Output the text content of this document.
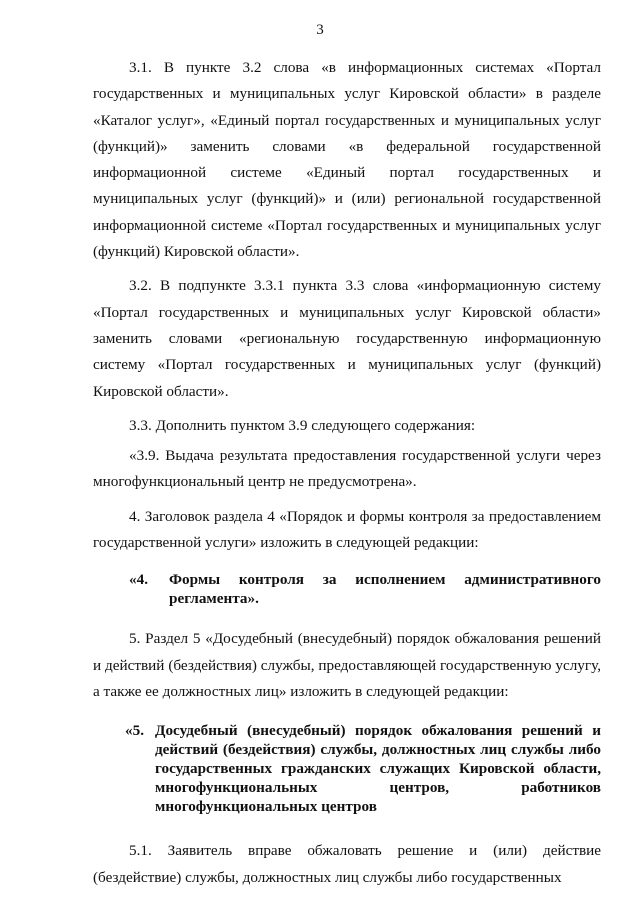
3

3.1. В пункте 3.2 слова «в информационных системах «Портал государственных и муниципальных услуг Кировской области» в разделе «Каталог услуг», «Единый портал государственных и муниципальных услуг (функций)» заменить словами «в федеральной государственной информационной системе «Единый портал государственных и муниципальных услуг (функций)» и (или) региональной государственной информационной системе «Портал государственных и муниципальных услуг (функций) Кировской области».

3.2. В подпункте 3.3.1 пункта 3.3 слова «информационную систему «Портал государственных и муниципальных услуг Кировской области» заменить словами «региональную государственную информационную систему «Портал государственных и муниципальных услуг (функций) Кировской области».

3.3. Дополнить пунктом 3.9 следующего содержания:

«3.9. Выдача результата предоставления государственной услуги через многофункциональный центр не предусмотрена».

4. Заголовок раздела 4 «Порядок и формы контроля за предоставлением государственной услуги» изложить в следующей редакции:

«4.	Формы контроля за исполнением административного регламента».

5. Раздел 5 «Досудебный (внесудебный) порядок обжалования решений и действий (бездействия) службы, предоставляющей государственную услугу, а также ее должностных лиц» изложить в следующей редакции:

«5. Досудебный (внесудебный) порядок обжалования решений и действий (бездействия) службы, должностных лиц службы либо государственных гражданских служащих Кировской области, многофункциональных центров, работников многофункциональных центров

5.1. Заявитель вправе обжаловать решение и (или) действие (бездействие) службы, должностных лиц службы либо государственных
